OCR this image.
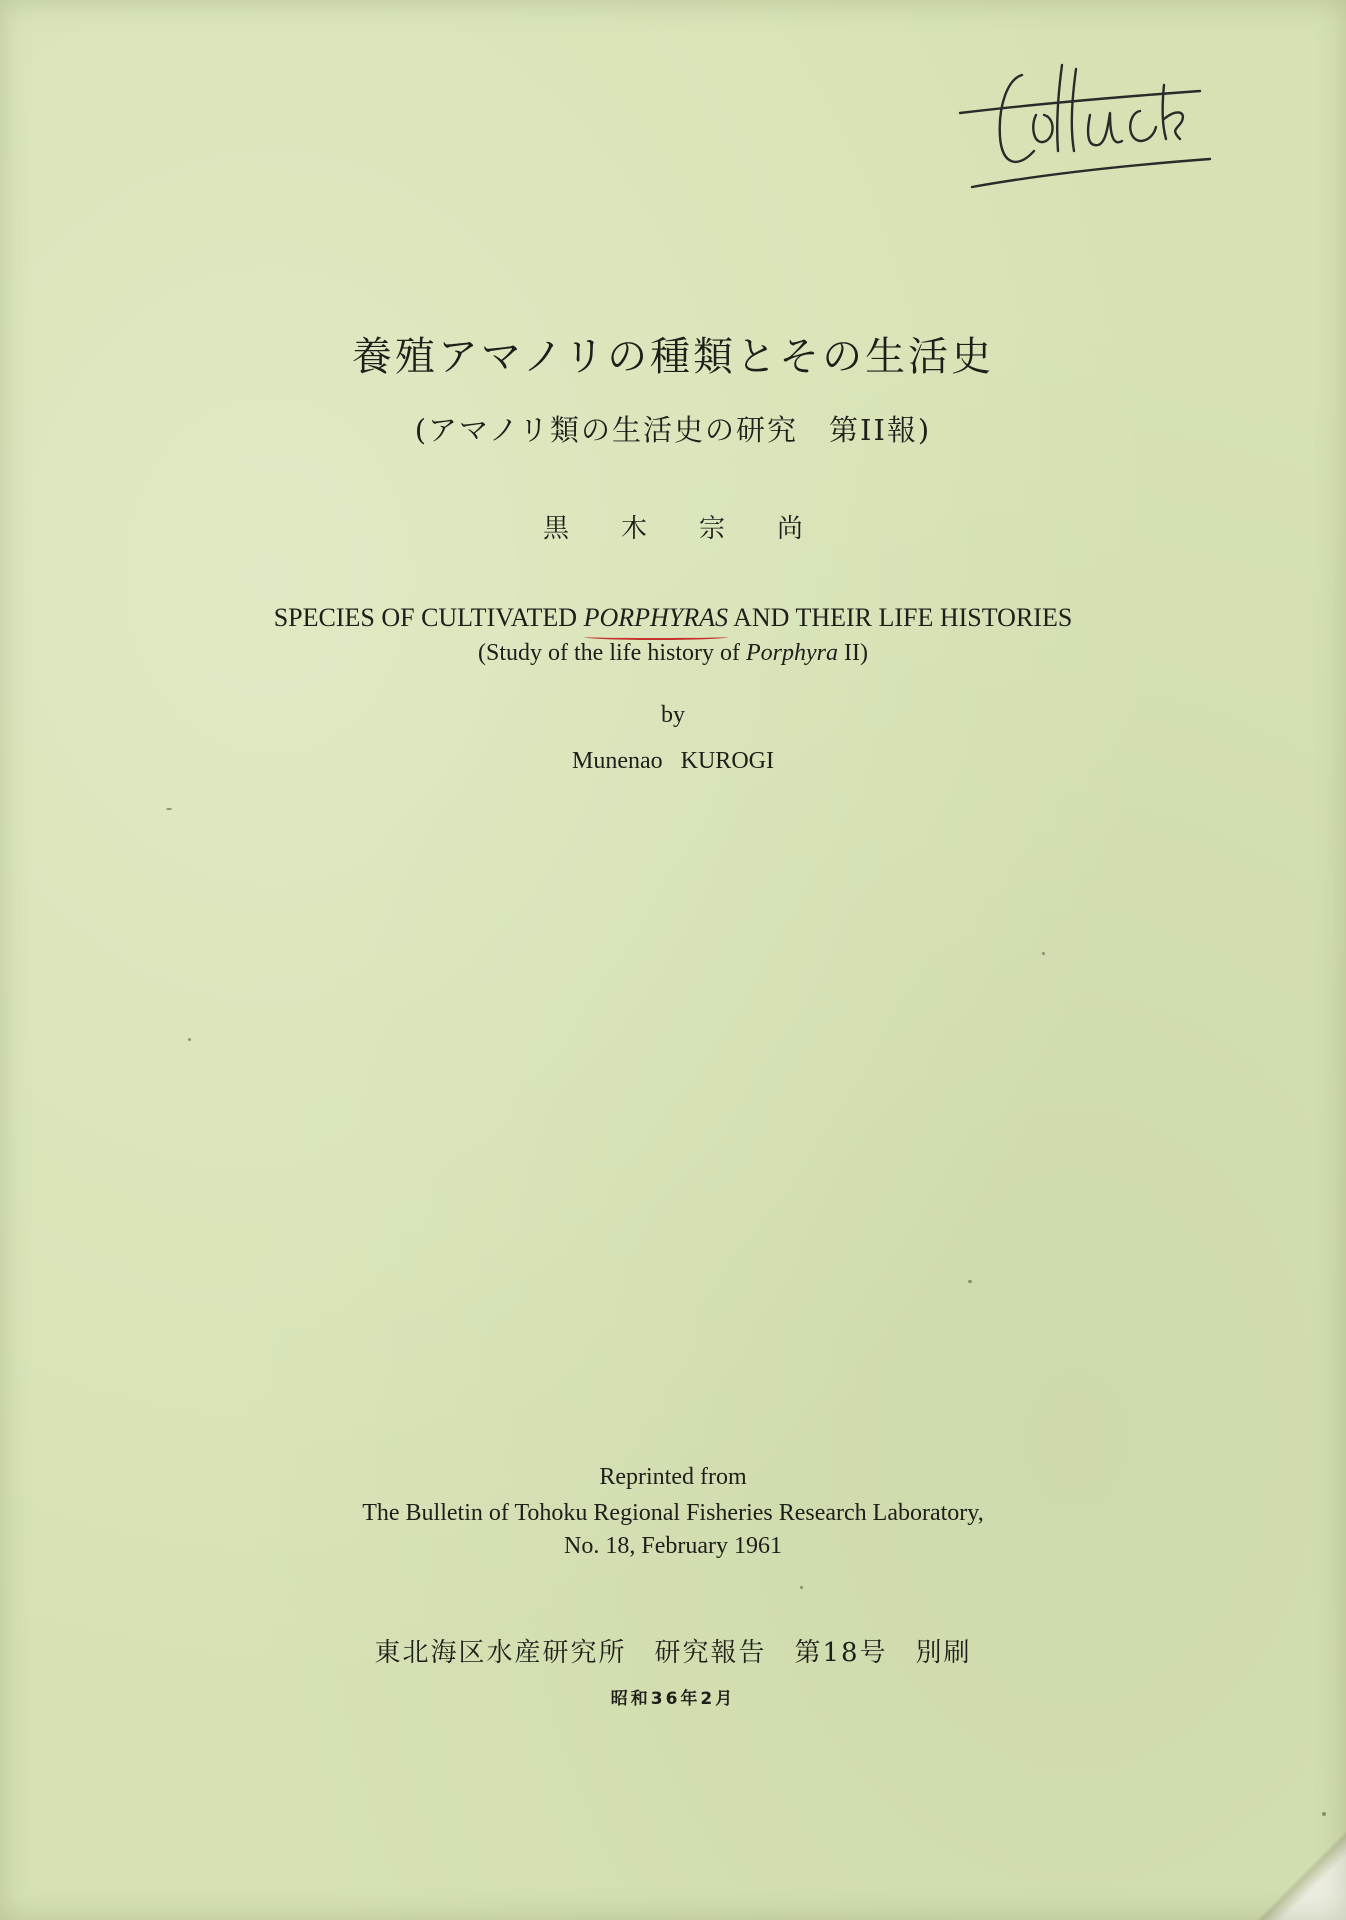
養殖アマノリの種類とその生活史
(アマノリ類の生活史の研究　第II報)
黒木宗尚
SPECIES OF CULTIVATED PORPHYRAS
AND THEIR LIFE HISTORIES
(Study of the life history of Porphyra II)
by
Munenao KUROGI
Reprinted from
The Bulletin of Tohoku Regional Fisheries Research Laboratory,
No. 18, February 1961
東北海区水産研究所　研究報告　第18号　別刷
昭和36年2月
